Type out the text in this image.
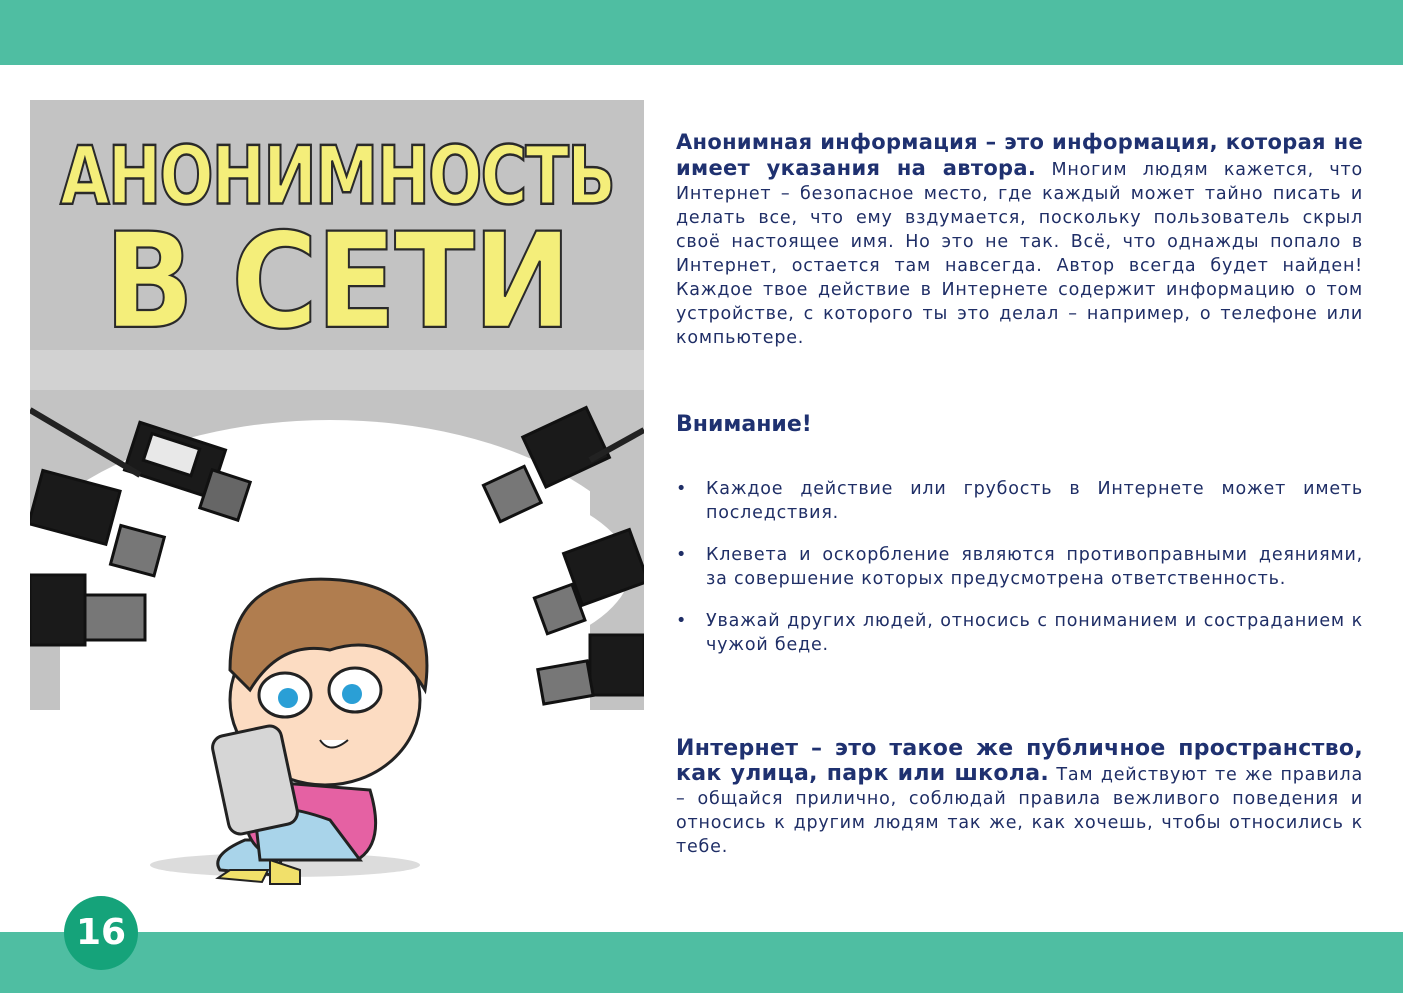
АНОНИМНОСТЬ
В СЕТИ
Анонимная информация – это информация, которая не имеет указания на автора. Многим людям кажется, что Интернет – безопасное место, где каждый может тайно писать и делать все, что ему вздумается, поскольку пользователь скрыл своё настоящее имя. Но это не так. Всё, что однажды попало в Интернет, остается там навсегда. Автор всегда будет найден! Каждое твое действие в Интернете содержит информацию о том устройстве, с которого ты это делал – например, о телефоне или компьютере.
Внимание!
• Каждое действие или грубость в Интернете может иметь последствия.
• Клевета и оскорбление являются противоправными деяниями, за совершение которых предусмотрена ответственность.
• Уважай других людей, относись с пониманием и состраданием к чужой беде.
Интернет – это такое же публичное пространство, как улица, парк или школа. Там действуют те же правила – общайся прилично, соблюдай правила вежливого поведения и относись к другим людям так же, как хочешь, чтобы относились к тебе.
16
